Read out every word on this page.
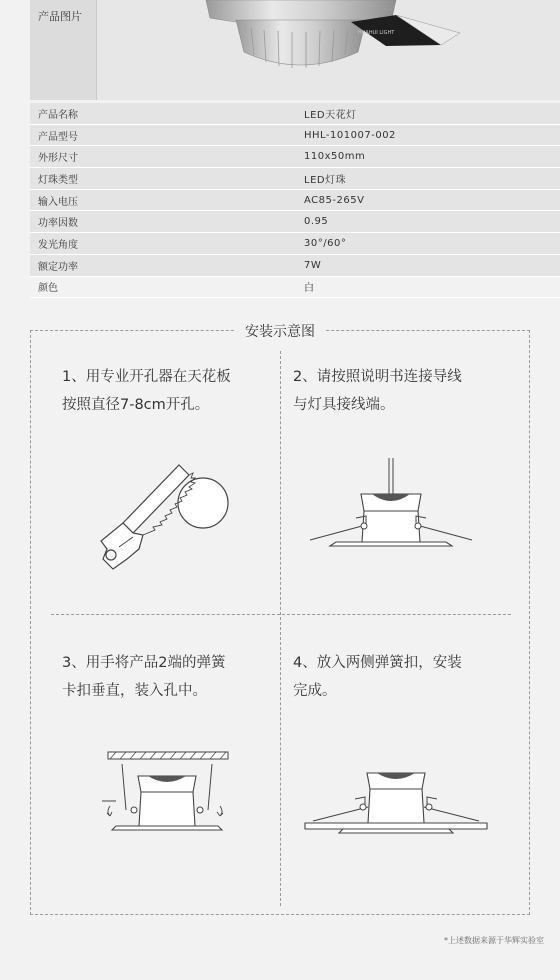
产品图片
HUAHUI LIGHT
产品名称	LED天花灯
产品型号	HHL-101007-002
外形尺寸	110x50mm
灯珠类型	LED灯珠
输入电压	AC85-265V
功率因数	0.95
发光角度	30°/60°
额定功率	7W
颜色	白
安装示意图
1、用专业开孔器在天花板
按照直径7-8cm开孔。
2、请按照说明书连接导线
与灯具接线端。
3、用手将产品2端的弹簧
卡扣垂直，装入孔中。
4、放入两侧弹簧扣，安装
完成。
*上述数据来源于华辉实验室
